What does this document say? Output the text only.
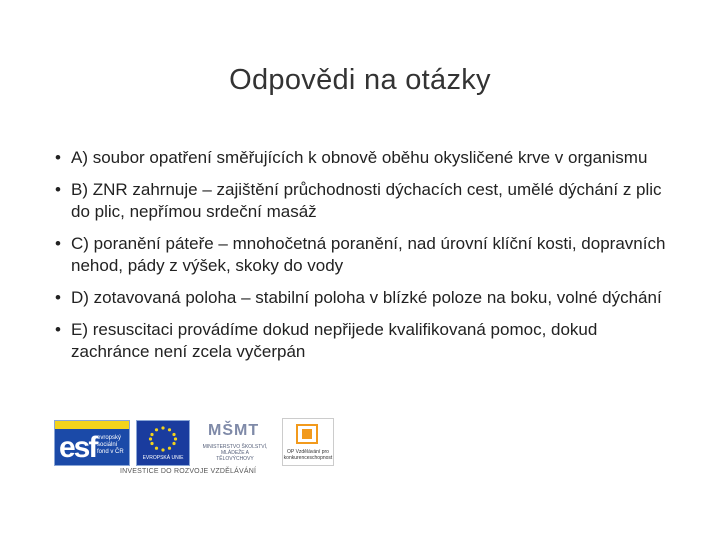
Odpovědi na otázky
• A) soubor opatření směřujících k obnově oběhu okysličené krve v organismu
• B) ZNR zahrnuje – zajištění průchodnosti dýchacích cest, umělé dýchání z plic do plic, nepřímou srdeční masáž
• C) poranění páteře – mnohočetná poranění, nad úrovní klíční kosti, dopravních nehod, pády z výšek, skoky do vody
• D) zotavovaná poloha – stabilní poloha v blízké poloze na boku, volné dýchání
• E) resuscitaci provádíme dokud nepřijede kvalifikovaná pomoc, dokud zachránce není zcela vyčerpán
esf evropský sociální fond v ČR
EVROPSKÁ UNIE
MŠMT
MINISTERSTVO ŠKOLSTVÍ, MLÁDEŽE A TĚLOVÝCHOVY
OP Vzdělávání pro konkurenceschopnost
INVESTICE DO ROZVOJE VZDĚLÁVÁNÍ
